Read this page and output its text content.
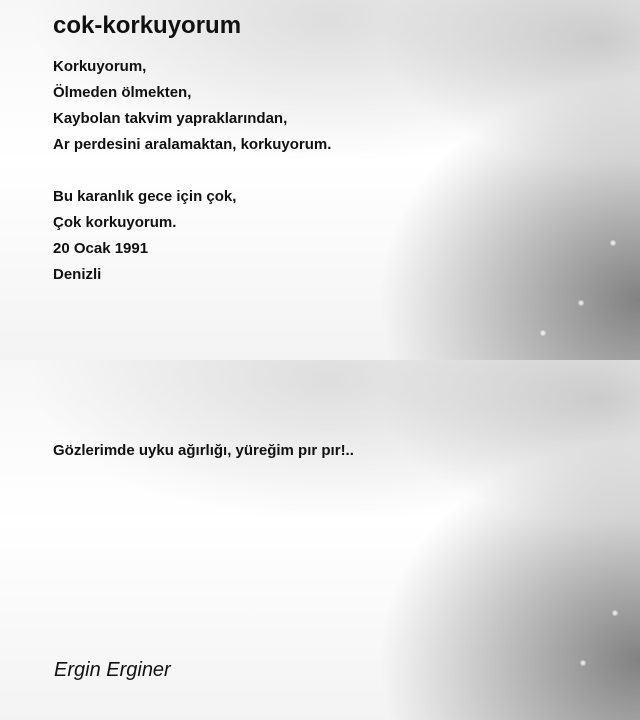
cok-korkuyorum
Korkuyorum,
Ölmeden ölmekten,
Kaybolan takvim yapraklarından,
Ar perdesini aralamaktan, korkuyorum.
Bu karanlık gece için çok,
Çok korkuyorum.
20 Ocak 1991
Denizli

Gözlerimde uyku ağırlığı, yüreğim pır pır!..

Ergin Erginer
